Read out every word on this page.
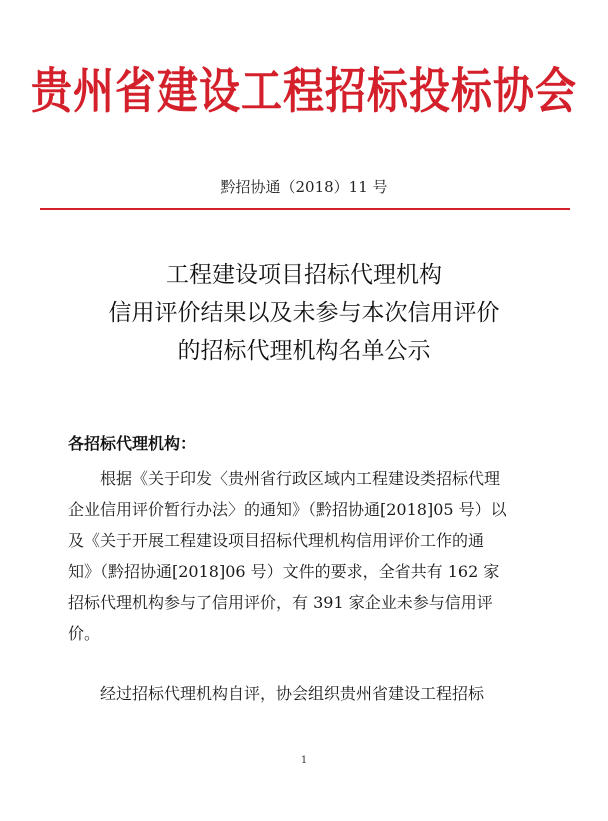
贵州省建设工程招标投标协会
黔招协通（2018）11 号
工程建设项目招标代理机构
信用评价结果以及未参与本次信用评价
的招标代理机构名单公示
各招标代理机构：
　　根据《关于印发〈贵州省行政区域内工程建设类招标代理
企业信用评价暂行办法〉的通知》（黔招协通[2018]05 号）以
及《关于开展工程建设项目招标代理机构信用评价工作的通
知》（黔招协通[2018]06 号）文件的要求，全省共有 162 家
招标代理机构参与了信用评价，有 391 家企业未参与信用评
价。
　　经过招标代理机构自评，协会组织贵州省建设工程招标
1
